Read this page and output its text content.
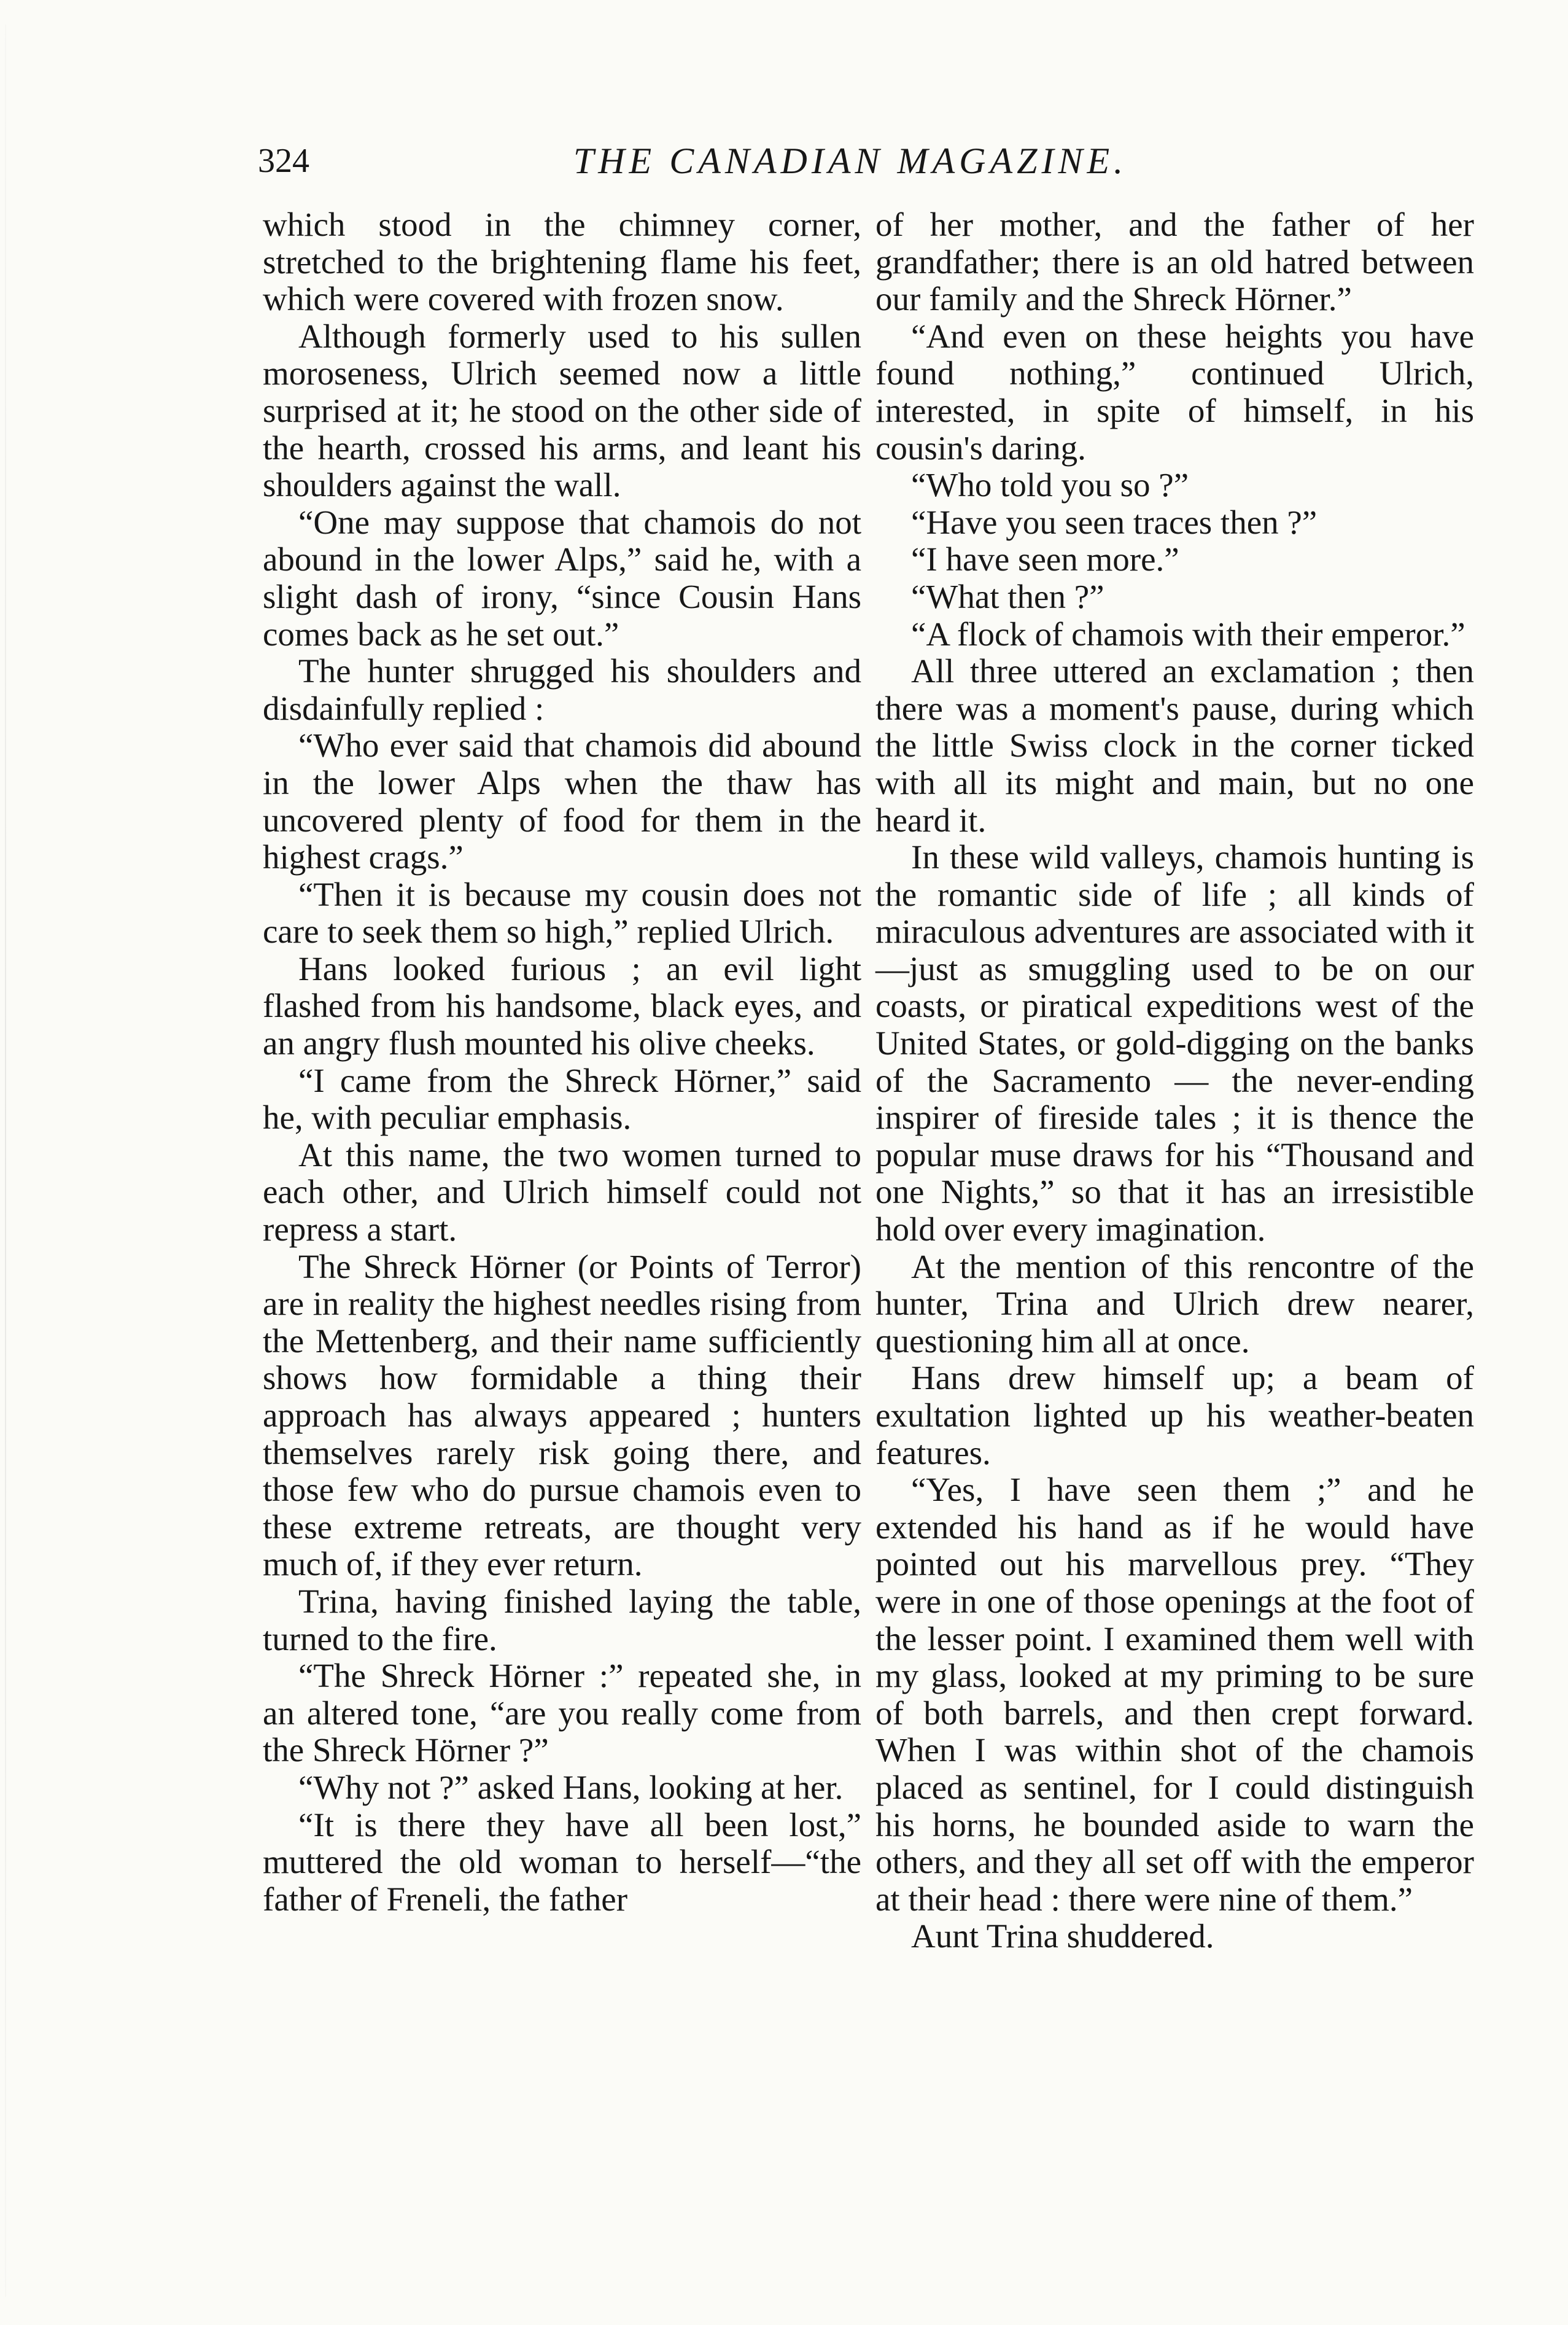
324	THE CANADIAN MAGAZINE.

which stood in the chimney corner, stretched to the brightening flame his feet, which were covered with frozen snow.

Although formerly used to his sullen moroseness, Ulrich seemed now a little surprised at it; he stood on the other side of the hearth, crossed his arms, and leant his shoulders against the wall.

“One may suppose that chamois do not abound in the lower Alps,” said he, with a slight dash of irony, “since Cousin Hans comes back as he set out.”

The hunter shrugged his shoulders and disdainfully replied :

“Who ever said that chamois did abound in the lower Alps when the thaw has uncovered plenty of food for them in the highest crags.”

“Then it is because my cousin does not care to seek them so high,” replied Ulrich.

Hans looked furious ; an evil light flashed from his handsome, black eyes, and an angry flush mounted his olive cheeks.

“I came from the Shreck Hörner,” said he, with peculiar emphasis.

At this name, the two women turned to each other, and Ulrich himself could not repress a start.

The Shreck Hörner (or Points of Terror) are in reality the highest needles rising from the Mettenberg, and their name sufficiently shows how formidable a thing their approach has always appeared ; hunters themselves rarely risk going there, and those few who do pursue chamois even to these extreme retreats, are thought very much of, if they ever return.

Trina, having finished laying the table, turned to the fire.

“The Shreck Hörner :” repeated she, in an altered tone, “are you really come from the Shreck Hörner ?”

“Why not ?” asked Hans, looking at her.

“It is there they have all been lost,” muttered the old woman to herself—“the father of Freneli, the father

of her mother, and the father of her grandfather; there is an old hatred between our family and the Shreck Hörner.”

“And even on these heights you have found nothing,” continued Ulrich, interested, in spite of himself, in his cousin's daring.

“Who told you so ?”

“Have you seen traces then ?”

“I have seen more.”

“What then ?”

“A flock of chamois with their emperor.”

All three uttered an exclamation ; then there was a moment's pause, during which the little Swiss clock in the corner ticked with all its might and main, but no one heard it.

In these wild valleys, chamois hunting is the romantic side of life ; all kinds of miraculous adventures are associated with it—just as smuggling used to be on our coasts, or piratical expeditions west of the United States, or gold-digging on the banks of the Sacramento — the never-ending inspirer of fireside tales ; it is thence the popular muse draws for his “Thousand and one Nights,” so that it has an irresistible hold over every imagination.

At the mention of this rencontre of the hunter, Trina and Ulrich drew nearer, questioning him all at once.

Hans drew himself up; a beam of exultation lighted up his weather-beaten features.

“Yes, I have seen them ;” and he extended his hand as if he would have pointed out his marvellous prey. “They were in one of those openings at the foot of the lesser point. I examined them well with my glass, looked at my priming to be sure of both barrels, and then crept forward. When I was within shot of the chamois placed as sentinel, for I could distinguish his horns, he bounded aside to warn the others, and they all set off with the emperor at their head : there were nine of them.”

Aunt Trina shuddered.
